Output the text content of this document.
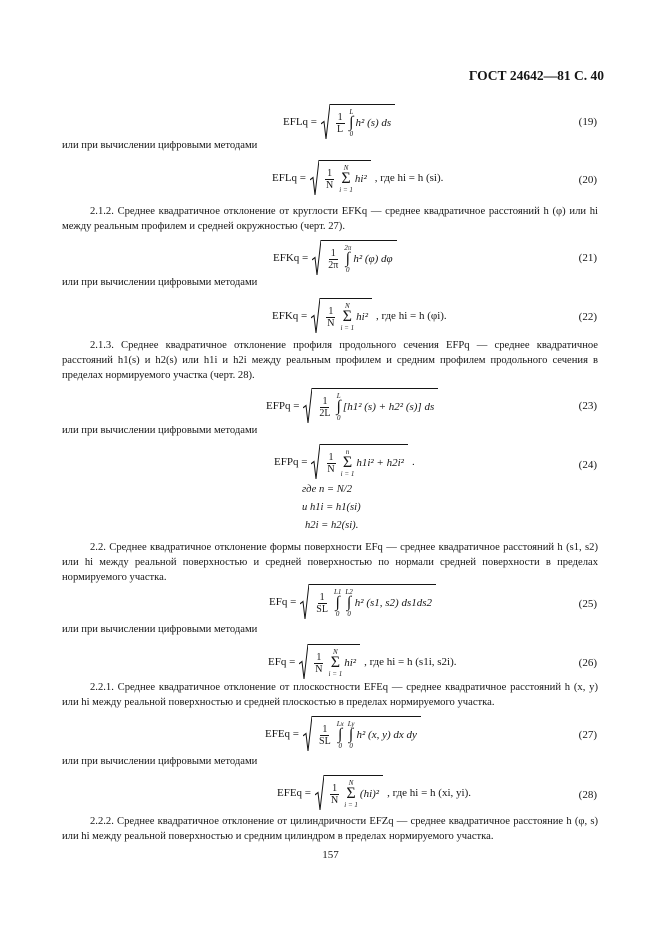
ГОСТ 24642—81 С. 40
EFLq = $\frac{1}{L}$ L
∫
0
h² (s) ds	(19)
или при вычислении цифровыми методами
EFLq = $\frac{1}{N}$ N
Σ
i = 1
hi² , где hi = h (si).	(20)
2.1.2. Среднее квадратичное отклонение от круглости EFKq — среднее квадратичное расстояний h (φ) или hi между реальным профилем и средней окружностью (черт. 27).
EFKq = $\frac{1}{2\pi} 2\pi$
∫
0
h² (φ) dφ	(21)
или при вычислении цифровыми методами
EFKq = $\frac{1}{N}$ N
Σ
i = 1
hi² , где hi = h (φi).	(22)
2.1.3. Среднее квадратичное отклонение профиля продольного сечения EFPq — среднее квадратичное расстояний h1(s) и h2(s) или h1i и h2i между реальным профилем и средним профилем продольного сечения в пределах нормируемого участка (черт. 28).
EFPq = $\frac{1}{2L}$ L
∫
0
[h1² (s) + h2² (s)] ds	(23)
или при вычислении цифровыми методами
EFPq = $\frac{1}{N}$ n
Σ
i = 1
h1i² + h2i² .	(24)
где n = N/2
и h1i = h1(si)
h2i = h2(si).
2.2. Среднее квадратичное отклонение формы поверхности EFq — среднее квадратичное расстояний h (s1, s2) или hi между реальной поверхностью и средней поверхностью по нормали средней поверхности в пределах нормируемого участка.
EFq = $\frac{1}{SL} L1$
∫
0
L2
∫
0
h² (s1, s2) ds1ds2	(25)
или при вычислении цифровыми методами
EFq = $\frac{1}{N}$ N
Σ
i = 1
hi² , где hi = h (s1i, s2i).	(26)
2.2.1. Среднее квадратичное отклонение от плоскостности EFEq — среднее квадратичное расстояний h (x, y) или hi между реальной поверхностью и средней плоскостью в пределах нормируемого участка.
EFEq = $\frac{1}{SL}$ Lx
∫
0
Ly
∫
0
h² (x, y) dx dy	(27)
или при вычислении цифровыми методами
EFEq = $\frac{1}{N}$ N
Σ
i = 1
(hi)² , где hi = h (xi, yi).	(28)
2.2.2. Среднее квадратичное отклонение от цилиндричности EFZq — среднее квадратичное расстояние h (φ, s) или hi между реальной поверхностью и средним цилиндром в пределах нормируемого участка.
157
